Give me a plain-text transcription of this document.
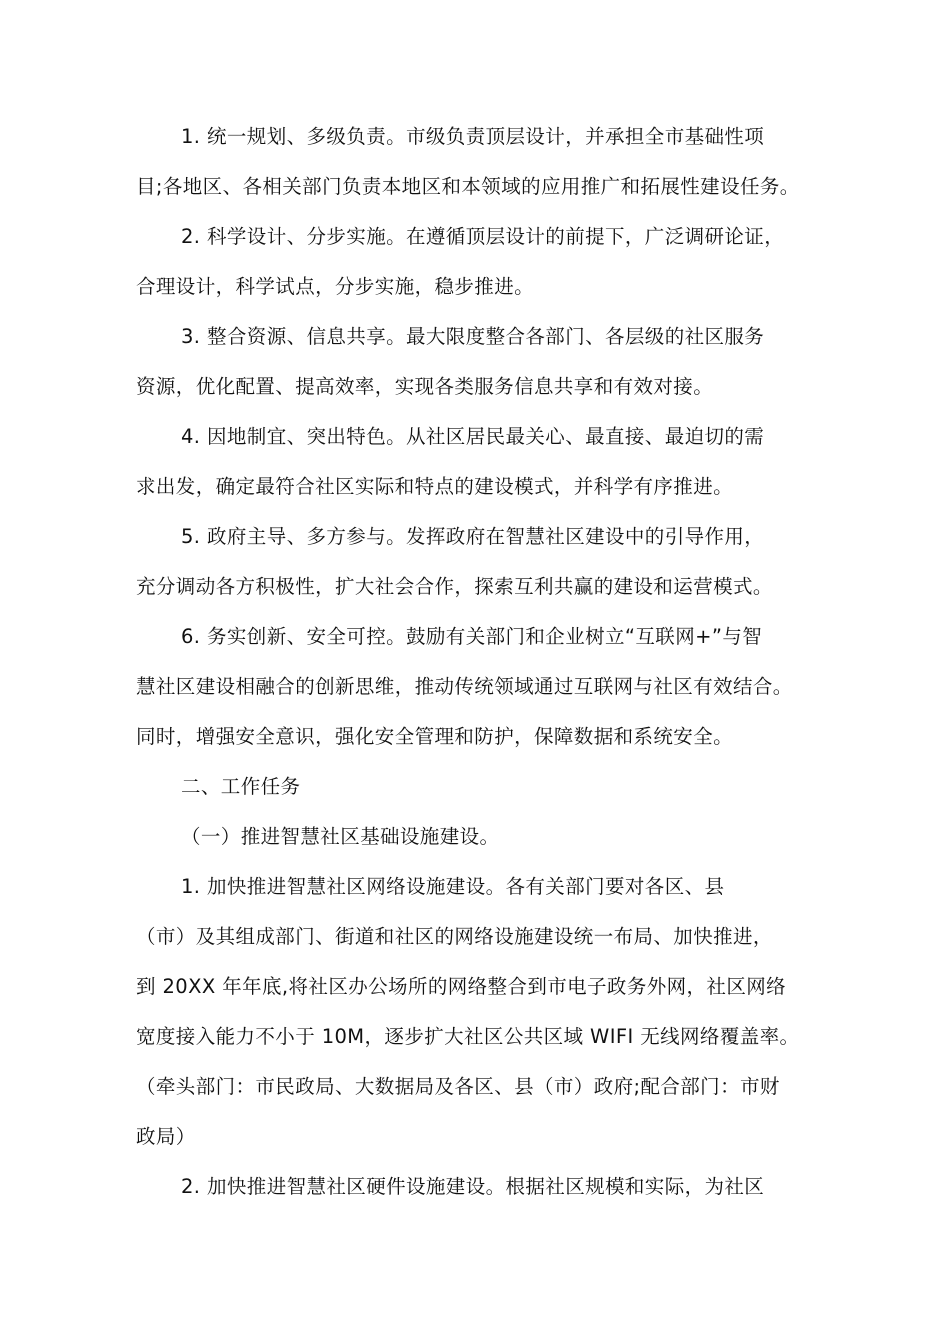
1. 统一规划、多级负责。市级负责顶层设计，并承担全市基础性项
目;各地区、各相关部门负责本地区和本领域的应用推广和拓展性建设任务。
2. 科学设计、分步实施。在遵循顶层设计的前提下，广泛调研论证，
合理设计，科学试点，分步实施，稳步推进。
3. 整合资源、信息共享。最大限度整合各部门、各层级的社区服务
资源，优化配置、提高效率，实现各类服务信息共享和有效对接。
4. 因地制宜、突出特色。从社区居民最关心、最直接、最迫切的需
求出发，确定最符合社区实际和特点的建设模式，并科学有序推进。
5. 政府主导、多方参与。发挥政府在智慧社区建设中的引导作用，
充分调动各方积极性，扩大社会合作，探索互利共赢的建设和运营模式。
6. 务实创新、安全可控。鼓励有关部门和企业树立“互联网+”与智
慧社区建设相融合的创新思维，推动传统领域通过互联网与社区有效结合。
同时，增强安全意识，强化安全管理和防护，保障数据和系统安全。
二、工作任务
（一）推进智慧社区基础设施建设。
1. 加快推进智慧社区网络设施建设。各有关部门要对各区、县
（市）及其组成部门、街道和社区的网络设施建设统一布局、加快推进，
到 20XX 年年底,将社区办公场所的网络整合到市电子政务外网，社区网络
宽度接入能力不小于 10M，逐步扩大社区公共区域 WIFI 无线网络覆盖率。
（牵头部门：市民政局、大数据局及各区、县（市）政府;配合部门：市财
政局）
2. 加快推进智慧社区硬件设施建设。根据社区规模和实际，为社区
